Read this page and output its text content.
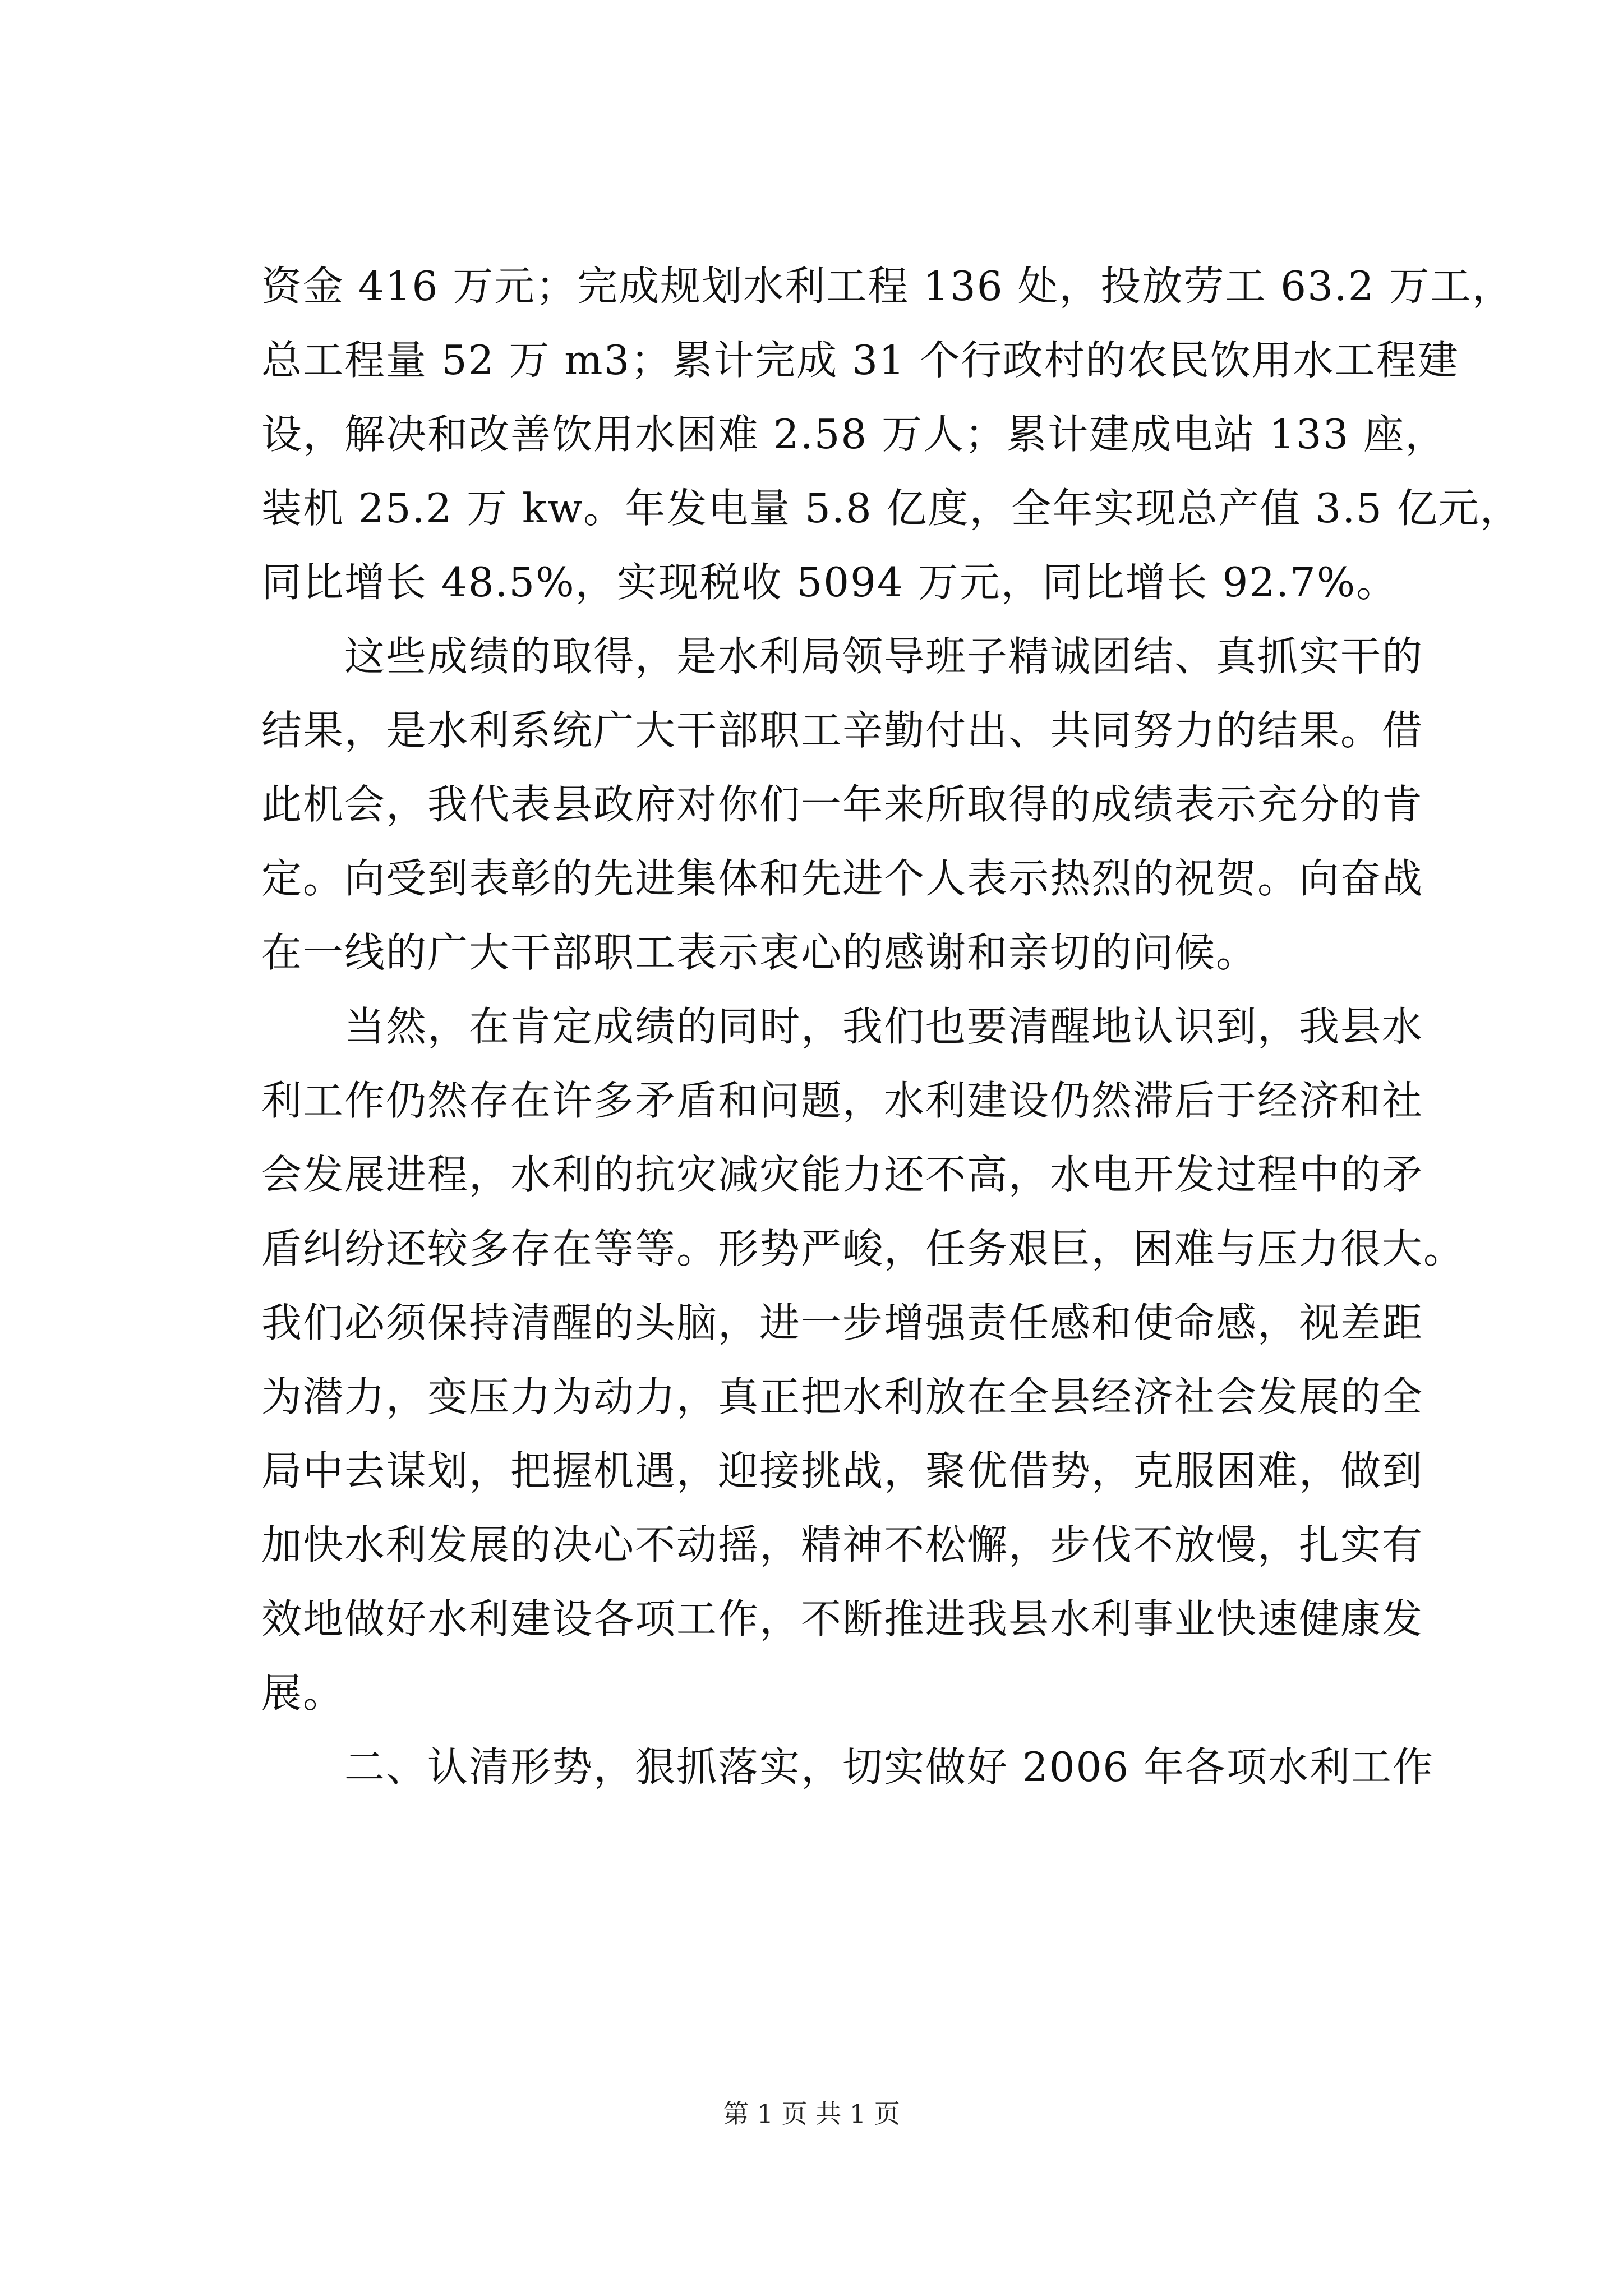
资金 416 万元；完成规划水利工程 136 处，投放劳工 63.2 万工，
总工程量 52 万 m3；累计完成 31 个行政村的农民饮用水工程建
设，解决和改善饮用水困难 2.58 万人；累计建成电站 133 座，
装机 25.2 万 kw。年发电量 5.8 亿度，全年实现总产值 3.5 亿元，
同比增长 48.5%，实现税收 5094 万元，同比增长 92.7%。
　　这些成绩的取得，是水利局领导班子精诚团结、真抓实干的
结果，是水利系统广大干部职工辛勤付出、共同努力的结果。借
此机会，我代表县政府对你们一年来所取得的成绩表示充分的肯
定。向受到表彰的先进集体和先进个人表示热烈的祝贺。向奋战
在一线的广大干部职工表示衷心的感谢和亲切的问候。
　　当然，在肯定成绩的同时，我们也要清醒地认识到，我县水
利工作仍然存在许多矛盾和问题，水利建设仍然滞后于经济和社
会发展进程，水利的抗灾减灾能力还不高，水电开发过程中的矛
盾纠纷还较多存在等等。形势严峻，任务艰巨，困难与压力很大。
我们必须保持清醒的头脑，进一步增强责任感和使命感，视差距
为潜力，变压力为动力，真正把水利放在全县经济社会发展的全
局中去谋划，把握机遇，迎接挑战，聚优借势，克服困难，做到
加快水利发展的决心不动摇，精神不松懈，步伐不放慢，扎实有
效地做好水利建设各项工作，不断推进我县水利事业快速健康发
展。
　　二、认清形势，狠抓落实，切实做好 2006 年各项水利工作
第 1 页 共 1 页
